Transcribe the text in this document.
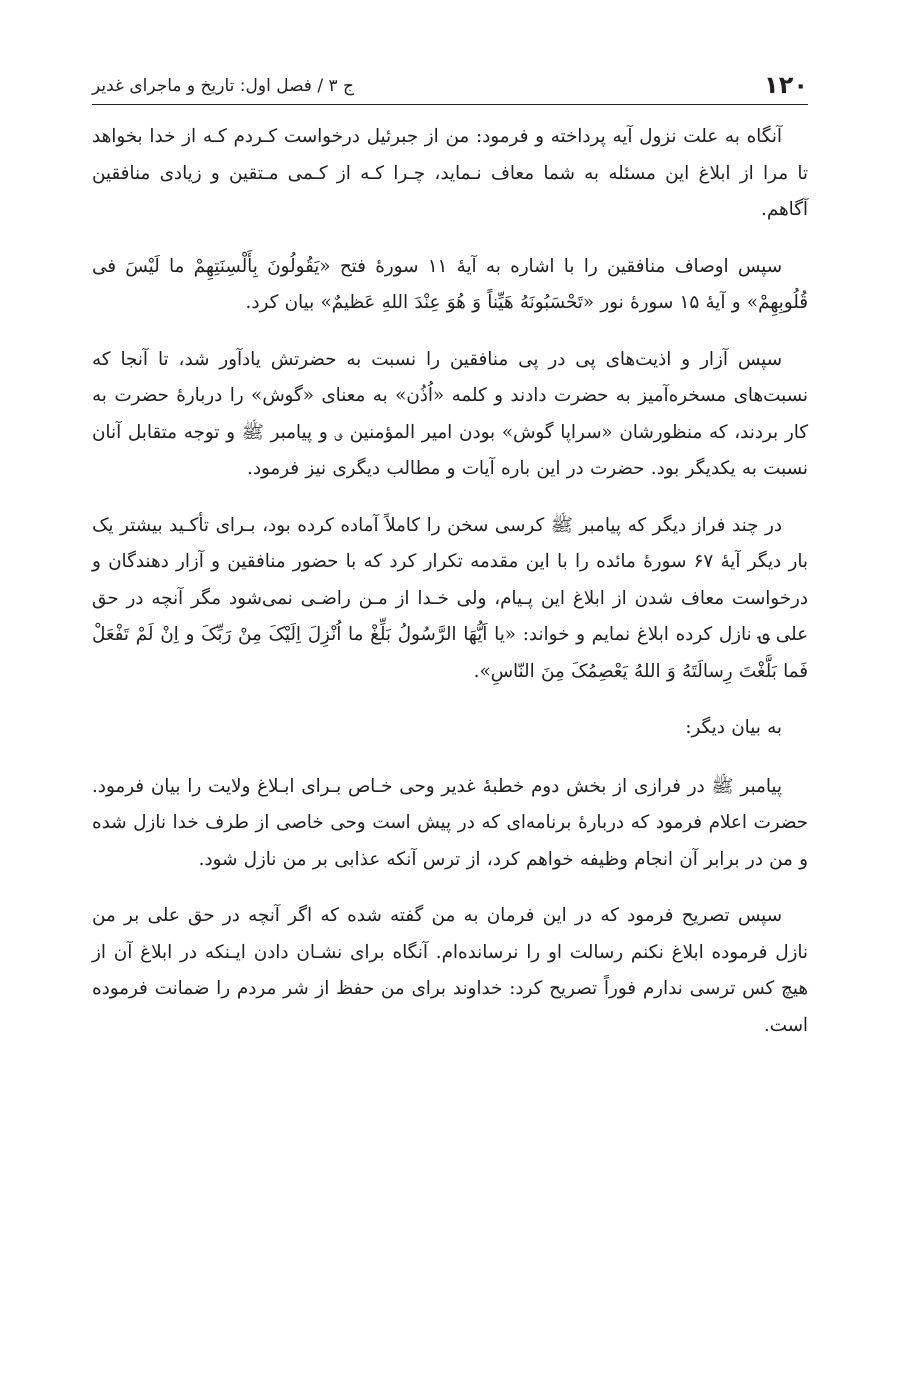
۱۲۰
ج ۳ / فصل اول: تاریخ و ماجرای غدیر

آنگاه به علت نزول آیه پرداخته و فرمود: من از جبرئیل درخواست کـردم کـه از خدا بخواهد تا مرا از ابلاغ این مسئله به شما معاف نـماید، چـرا کـه از کـمی مـتقین و زیادی منافقین آگاهم.

سپس اوصاف منافقین را با اشاره به آیهٔ ۱۱ سورهٔ فتح «یَقُولُونَ بِأَلْسِنَتِهِمْ ما لَیْسَ فی قُلُوبِهِمْ» و آیهٔ ۱۵ سورهٔ نور «تَحْسَبُونَهُ هَیِّناً وَ هُوَ عِنْدَ اللهِ عَظیمٌ» بیان کرد.

سپس آزار و اذیت‌های پی در پی منافقین را نسبت به حضرتش یادآور شد، تا آنجا که نسبت‌های مسخره‌آمیز به حضرت دادند و کلمه «اُذُن» به معنای «گوش» را دربارهٔ حضرت به کار بردند، که منظورشان «سراپا گوش» بودن امیر المؤمنین ؈ و پیامبر ﷺ و توجه متقابل آنان نسبت به یکدیگر بود. حضرت در این باره آیات و مطالب دیگری نیز فرمود.

در چند فراز دیگر که پیامبر ﷺ کرسی سخن را کاملاً آماده کرده بود، بـرای تأکـید بیشتر یک بار دیگر آیهٔ ۶۷ سورهٔ مائده را با این مقدمه تکرار کرد که با حضور منافقین و آزار دهندگان و درخواست معاف شدن از ابلاغ این پـیام، ولی خـدا از مـن راضـی نمی‌شود مگر آنچه در حق علی ؈ نازل کرده ابلاغ نمایم و خواند: «یا اَیُّهَا الرَّسُولُ بَلِّغْ ما اُنْزِلَ اِلَیْکَ مِنْ رَبِّکَ و اِنْ لَمْ تَفْعَلْ فَما بَلَّغْتَ رِسالَتَهُ وَ اللهُ یَعْصِمُکَ مِنَ النّاسِ».

به بیان دیگر:

پیامبر ﷺ در فرازی از بخش دوم خطبهٔ غدیر وحی خـاص بـرای ابـلاغ ولایت را بیان فرمود. حضرت اعلام فرمود که دربارهٔ برنامه‌ای که در پیش است وحی خاصی از طرف خدا نازل شده و من در برابر آن انجام وظیفه خواهم کرد، از ترس آنکه عذابی بر من نازل شود.

سپس تصریح فرمود که در این فرمان به من گفته شده که اگر آنچه در حق علی بر من نازل فرموده ابلاغ نکنم رسالت او را نرسانده‌ام. آنگاه برای نشـان دادن ایـنکه در ابلاغ آن از هیچ کس ترسی ندارم فوراً تصریح کرد: خداوند برای من حفظ از شر مردم را ضمانت فرموده است.
